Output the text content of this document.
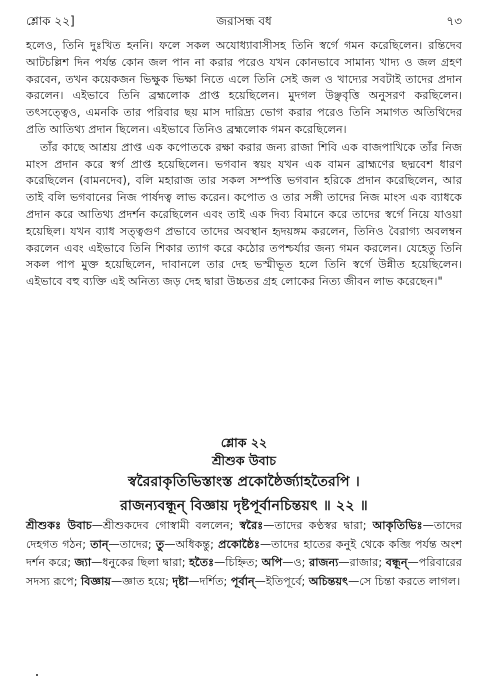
শ্লোক ২২]	জরাসন্ধ বধ	৭৩

হলেও, তিনি দুঃখিত হননি। ফলে সকল অযোধ্যাবাসীসহ তিনি স্বর্গে গমন করেছিলেন। রন্তিদেব আটচল্লিশ দিন পর্যন্ত কোন জল পান না করার পরেও যখন কোনভাবে সামান্য খাদ্য ও জল গ্রহণ করবেন, তখন কয়েকজন ভিক্ষুক ভিক্ষা নিতে এলে তিনি সেই জল ও খাদ্যের সবটাই তাদের প্রদান করলেন। এইভাবে তিনি ব্রহ্মলোক প্রাপ্ত হয়েছিলেন। মুদগল উঞ্ছবৃত্তি অনুসরণ করছিলেন। তৎসত্ত্বেও, এমনকি তার পরিবার ছয় মাস দারিদ্র্য ভোগ করার পরেও তিনি সমাগত অতিথিদের প্রতি আতিথ্য প্রদান ছিলেন। এইভাবে তিনিও ব্রহ্মলোক গমন করেছিলেন।

তাঁর কাছে আশ্রয় প্রাপ্ত এক কপোতকে রক্ষা করার জন্য রাজা শিবি এক বাজপাখিকে তাঁর নিজ মাংস প্রদান করে স্বর্গ প্রাপ্ত হয়েছিলেন। ভগবান স্বয়ং যখন এক বামন ব্রাহ্মণের ছদ্মবেশ ধারণ করেছিলেন (বামনদেব), বলি মহারাজ তার সকল সম্পত্তি ভগবান হরিকে প্রদান করেছিলেন, আর তাই বলি ভগবানের নিজ পার্ষদত্ব লাভ করেন। কপোত ও তার সঙ্গী তাদের নিজ মাংস এক ব্যাধকে প্রদান করে আতিথ্য প্রদর্শন করেছিলেন এবং তাই এক দিব্য বিমানে করে তাদের স্বর্গে নিয়ে যাওয়া হয়েছিল। যখন ব্যাধ সত্ত্বগুণ প্রভাবে তাদের অবস্থান হৃদয়ঙ্গম করলেন, তিনিও বৈরাগ্য অবলম্বন করলেন এবং এইভাবে তিনি শিকার ত্যাগ করে কঠোর তপশ্চর্যার জন্য গমন করলেন। যেহেতু তিনি সকল পাপ মুক্ত হয়েছিলেন, দাবানলে তার দেহ ভস্মীভূত হলে তিনি স্বর্গে উন্নীত হয়েছিলেন। এইভাবে বহু ব্যক্তি এই অনিত্য জড় দেহ দ্বারা উচ্চতর গ্রহ লোকের নিত্য জীবন লাভ করেছেন।"

শ্লোক ২২
শ্রীশুক উবাচ
স্বরৈরাকৃতিভিস্তাংস্ত প্রকোষ্ঠৈর্জ্যাহতৈরপি ।
রাজন্যবন্ধূন্ বিজ্ঞায় দৃষ্টপূর্বানচিন্তয়ৎ ॥ ২২ ॥
শ্রীশুকঃ উবাচ—শ্রীশুকদেব গোস্বামী বললেন; স্বরৈঃ—তাদের কণ্ঠস্বর দ্বারা; আকৃতিভিঃ—তাদের দেহগত গঠন; তান্—তাদের; তু—অধিকন্তু; প্রকোষ্ঠৈঃ—তাদের হাতের কনুই থেকে কব্জি পর্যন্ত অংশ দর্শন করে; জ্যা—ধনুকের ছিলা দ্বারা; হতৈঃ—চিহ্নিত; অপি—ও; রাজন্য—রাজার; বন্ধূন্—পরিবারের সদস্য রূপে; বিজ্ঞায়—জ্ঞাত হয়ে; দৃষ্টা—দর্শিত; পূর্বান্—ইতিপূর্বে; অচিন্তয়ৎ—সে চিন্তা করতে লাগল।
